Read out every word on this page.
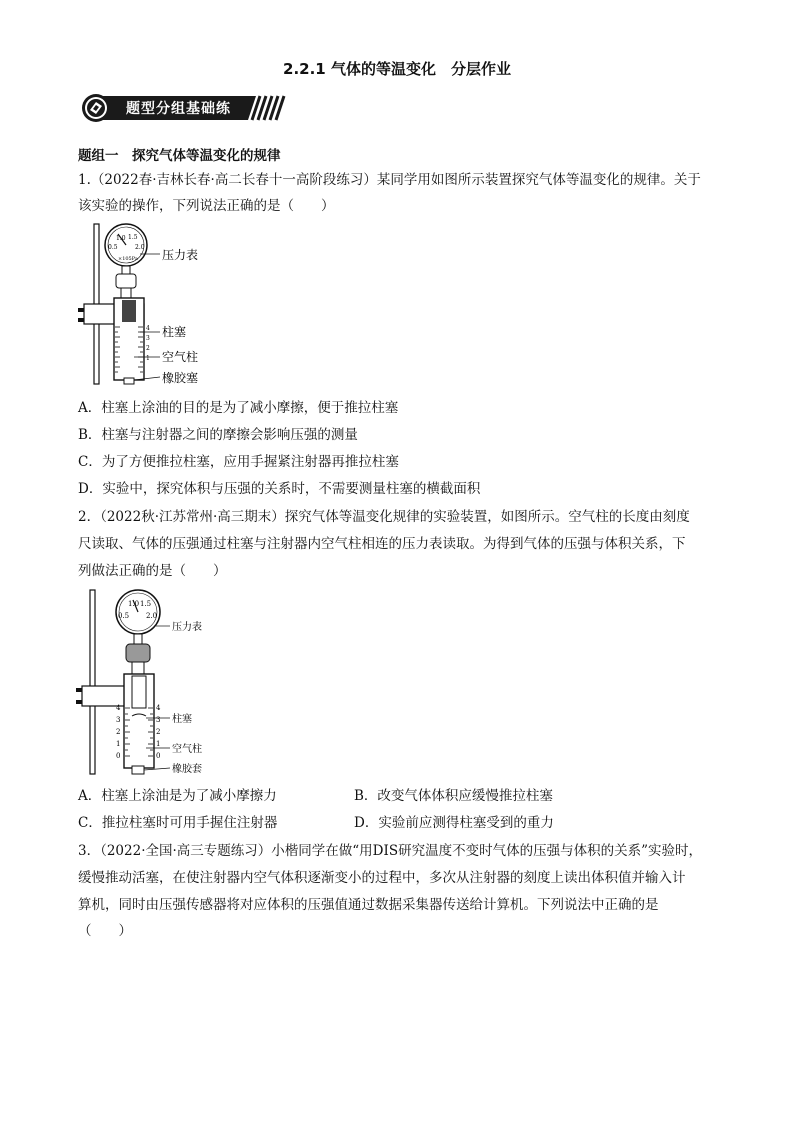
2.2.1 气体的等温变化　分层作业
题型分组基础练
题组一　探究气体等温变化的规律
1.（2022春·吉林长春·高二长春十一高阶段练习）某同学用如图所示装置探究气体等温变化的规律。关于
该实验的操作，下列说法正确的是（　　）
1.0 1.5
0.5	2.0
×105Pa
4
3
2
1
压力表
柱塞
空气柱
橡胶塞
A．柱塞上涂油的目的是为了减小摩擦，便于推拉柱塞
B．柱塞与注射器之间的摩擦会影响压强的测量
C．为了方便推拉柱塞，应用手握紧注射器再推拉柱塞
D．实验中，探究体积与压强的关系时，不需要测量柱塞的横截面积
2．（2022秋·江苏常州·高三期末）探究气体等温变化规律的实验装置，如图所示。空气柱的长度由刻度
尺读取、气体的压强通过柱塞与注射器内空气柱相连的压力表读取。为得到气体的压强与体积关系，下
列做法正确的是（　　）
1.0 1.5
0.5 2.0
4
3
2
1
0
4
3
2
1
0
压力表
柱塞
空气柱
橡胶套
A．柱塞上涂油是为了减小摩擦力	B．改变气体体积应缓慢推拉柱塞
C．推拉柱塞时可用手握住注射器	D．实验前应测得柱塞受到的重力
3．（2022·全国·高三专题练习）小楷同学在做“用DIS研究温度不变时气体的压强与体积的关系”实验时，
缓慢推动活塞，在使注射器内空气体积逐渐变小的过程中，多次从注射器的刻度上读出体积值并输入计
算机，同时由压强传感器将对应体积的压强值通过数据采集器传送给计算机。下列说法中正确的是
（　　）
